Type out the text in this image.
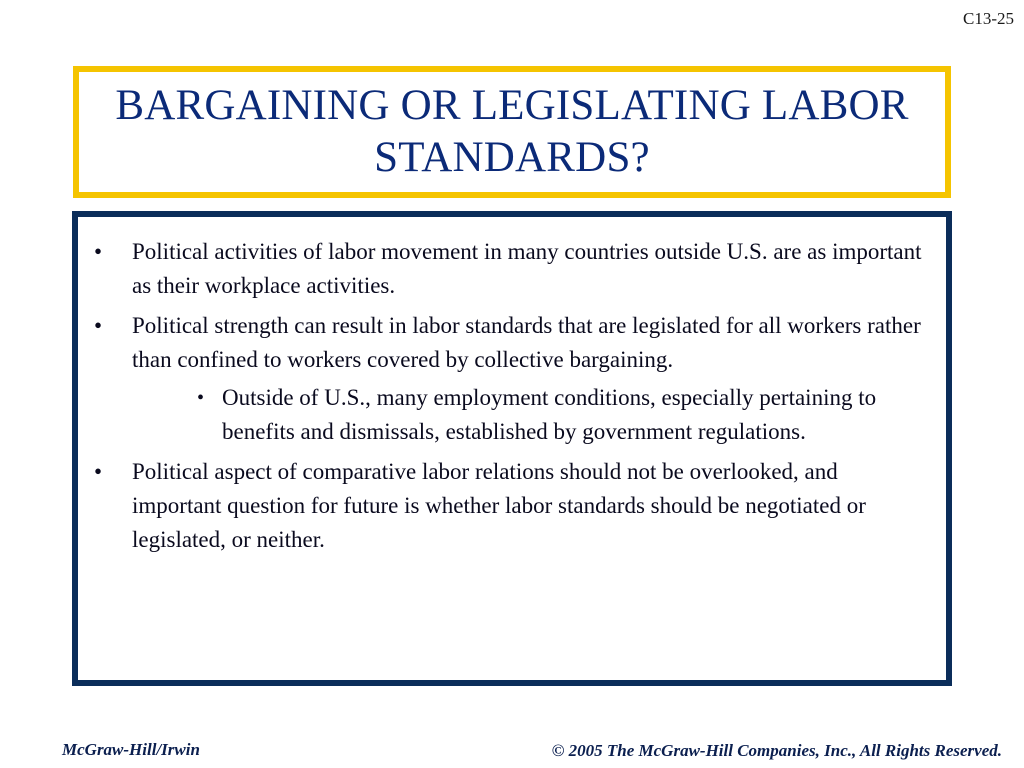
C13-25
BARGAINING OR LEGISLATING LABOR
STANDARDS?
• Political activities of labor movement in many countries outside U.S. are as important as their workplace activities.
• Political strength can result in labor standards that are legislated for all workers rather than confined to workers covered by collective bargaining.
• Outside of U.S., many employment conditions, especially pertaining to benefits and dismissals, established by government regulations.
• Political aspect of comparative labor relations should not be overlooked, and important question for future is whether labor standards should be negotiated or legislated, or neither.
McGraw-Hill/Irwin	© 2005 The McGraw-Hill Companies, Inc., All Rights Reserved.
